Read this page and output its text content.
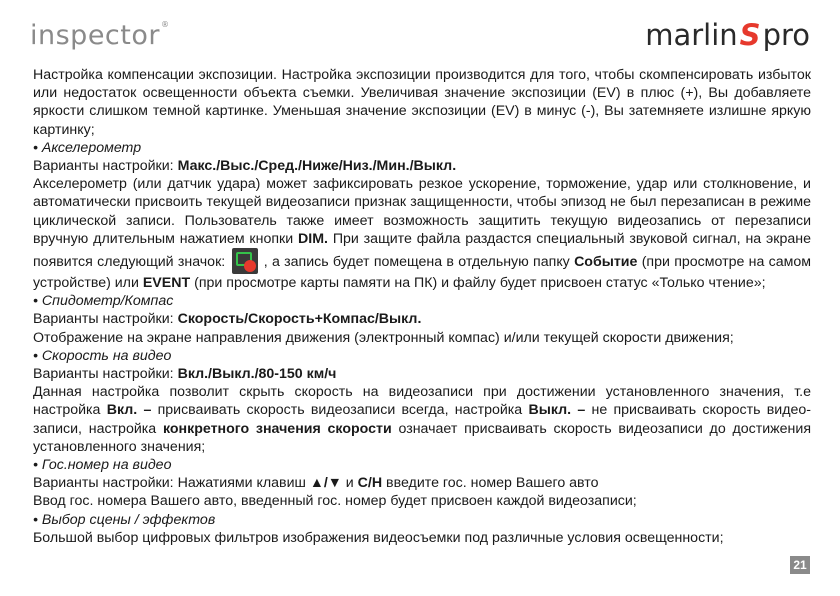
inspector®	marlin S pro

Настройка компенсации экспозиции. Настройка экспозиции производится для того, чтобы скомпенсировать избыток или недостаток освещенности объекта съемки. Увеличивая значение экспозиции (EV) в плюс (+), Вы добавляете яркости слишком темной картинке. Уменьшая значение экспозиции (EV) в минус (-), Вы затемняете излишне яркую картинку;

• Акселерометр

Варианты настройки: Макс./Выс./Сред./Ниже/Низ./Мин./Выкл.

Акселерометр (или датчик удара) может зафиксировать резкое ускорение, торможение, удар или столкновение, и автоматически присвоить текущей видеозаписи признак защищенности, чтобы эпизод не был перезаписан в режиме циклической записи. Пользователь также имеет возможность защитить текущую видеозапись от перезаписи вручную длительным нажатием кнопки DIM. При защите файла раздастся специальный звуковой сигнал, на экране появится следующий значок:
, а запись будет помещена в отдельную папку Событие (при просмотре на самом устройстве) или EVENT (при просмотре карты памяти на ПК) и файлу будет присвоен статус «Только чтение»;

• Спидометр/Компас

Варианты настройки: Скорость/Скорость+Компас/Выкл.

Отображение на экране направления движения (электронный компас) и/или текущей скорости движения;

• Скорость на видео

Варианты настройки: Вкл./Выкл./80-150 км/ч

Данная настройка позволит скрыть скорость на видеозаписи при достижении установленного значения, т.е настройка Вкл. – присваивать скорость видеозаписи всегда, настройка Выкл. – не присваивать скорость видеозаписи, настройка конкретного значения скорости означает присваивать скорость видеозаписи до достижения установленного значения;

• Гос.номер на видео

Варианты настройки: Нажатиями клавиш ▲/▼ и С/Н введите гос. номер Вашего авто

Ввод гос. номера Вашего авто, введенный гос. номер будет присвоен каждой видеозаписи;

• Выбор сцены / эффектов

Большой выбор цифровых фильтров изображения видеосъемки под различные условия освещенности;

21
